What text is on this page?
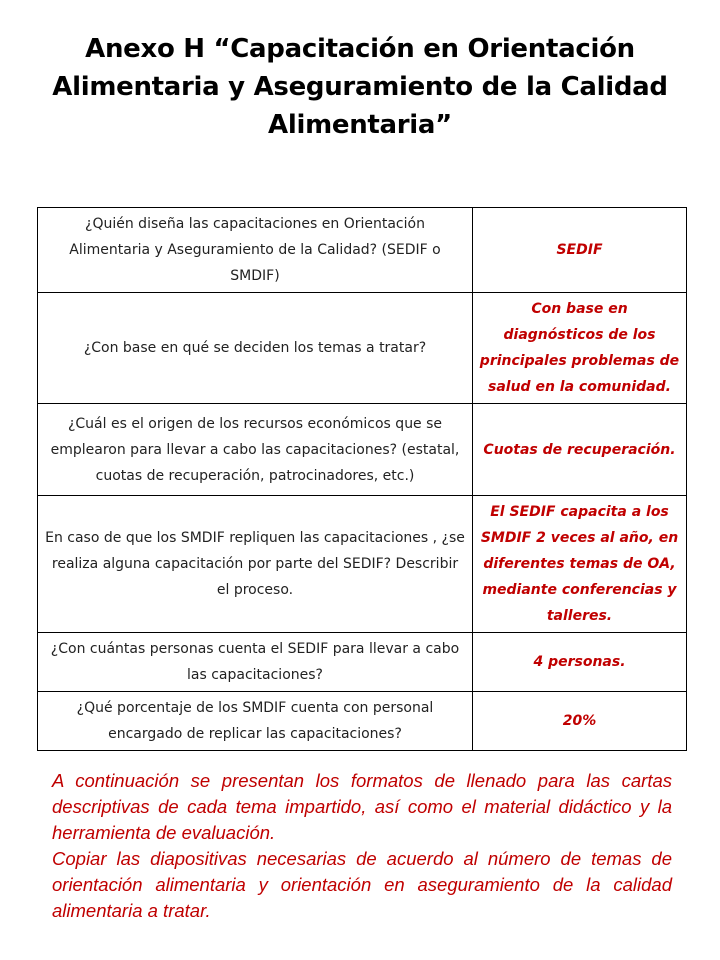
Anexo H “Capacitación en Orientación Alimentaria y Aseguramiento de la Calidad Alimentaria”
¿Quién diseña las capacitaciones en Orientación Alimentaria y Aseguramiento de la Calidad? (SEDIF o SMDIF)	SEDIF
¿Con base en qué se deciden los temas a tratar?	Con base en diagnósticos de los principales problemas de salud en la comunidad.
¿Cuál es el origen de los recursos económicos que se emplearon para llevar a cabo las capacitaciones? (estatal, cuotas de recuperación, patrocinadores, etc.)	Cuotas de recuperación.
En caso de que los SMDIF repliquen las capacitaciones , ¿se realiza alguna capacitación por parte del SEDIF? Describir el proceso.	El SEDIF capacita a los SMDIF 2 veces al año, en diferentes temas de OA, mediante conferencias y talleres.
¿Con cuántas personas cuenta el SEDIF para llevar a cabo las capacitaciones?	4 personas.
¿Qué porcentaje de los SMDIF cuenta con personal encargado de replicar las capacitaciones?	20%

A continuación se presentan los formatos de llenado para las cartas descriptivas de cada tema impartido, así como el material didáctico y la herramienta de evaluación.

Copiar las diapositivas necesarias de acuerdo al número de temas de orientación alimentaria y orientación en aseguramiento de la calidad alimentaria a tratar.
